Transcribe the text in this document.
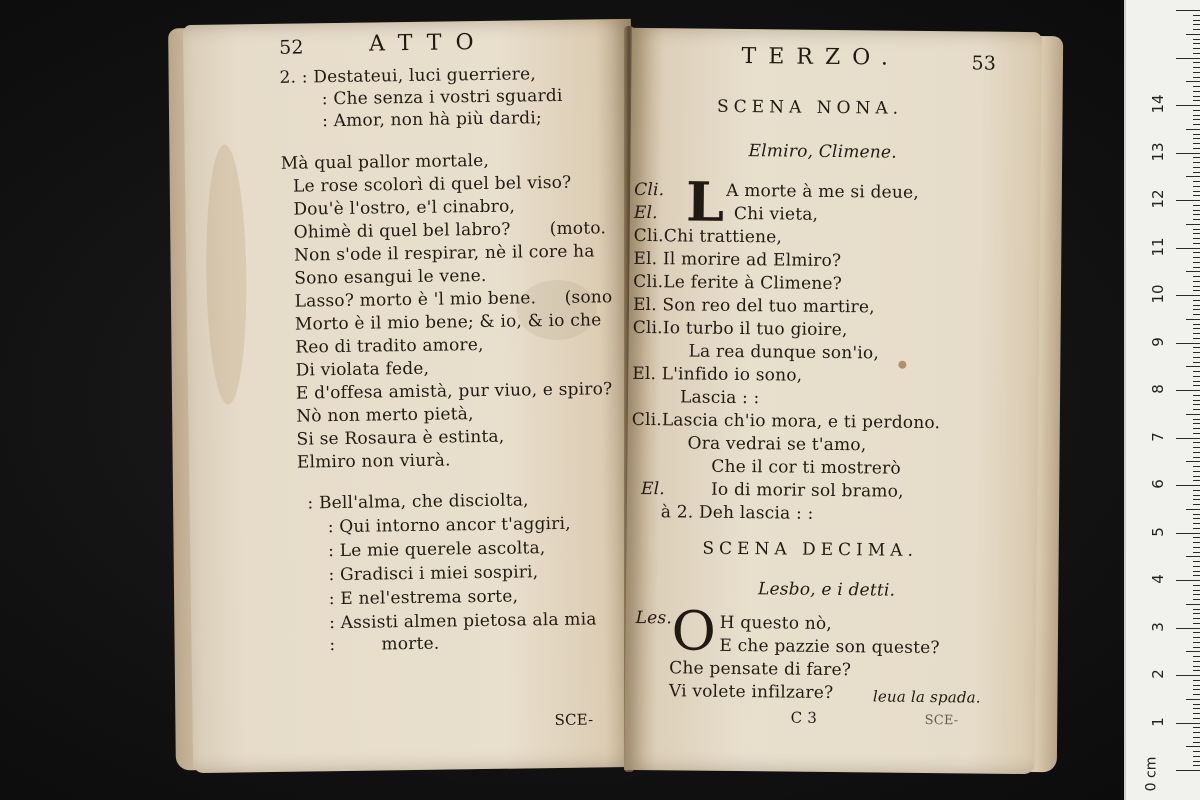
52	ATTO
2. : Destateui, luci guerriere,
: Che senza i vostri sguardi
: Amor, non hà più dardi;
Mà qual pallor mortale,
Le rose scolorì di quel bel viso?
Dou'è l'ostro, e'l cinabro,
Ohimè di quel bel labro? (moto.
Non s'ode il respirar, nè il core ha
Sono esangui le vene.
Lasso? morto è 'l mio bene. (sono
Morto è il mio bene; & io, & io che
Reo di tradito amore,
Di violata fede,
E d'offesa amistà, pur viuo, e spiro?
Nò non merto pietà,
Si se Rosaura è estinta,
Elmiro non viurà.
: Bell'alma, che disciolta,
: Qui intorno ancor t'aggiri,
: Le mie querele ascolta,
: Gradisci i miei sospiri,
: E nel'estrema sorte,
: Assisti almen pietosa ala mia
:	morte.
SCE-
TERZO.	53
SCENA NONA.
Elmiro, Climene.
L
Cli.	A morte à me si deue,
El.	Chi vieta,
Cli.Chi trattiene,
El. Il morire ad Elmiro?
Cli.Le ferite à Climene?
El. Son reo del tuo martire,
Cli.Io turbo il tuo gioire,
La rea dunque son'io,
El. L'infido io sono,
Lascia : :
Cli.Lascia ch'io mora, e ti perdono.
Ora vedrai se t'amo,
Che il cor ti mostrerò
El.	Io di morir sol bramo,
à 2. Deh lascia : :
SCENA DECIMA.
Lesbo, e i detti.
Les. O H questo nò,
E che pazzie son queste?
Che pensate di fare?
Vi volete infilzare?	leua la spada.
C 3	SCE-
0 cm
1
2
3
4
5
6
7
8
9
10
11
12
13
14
